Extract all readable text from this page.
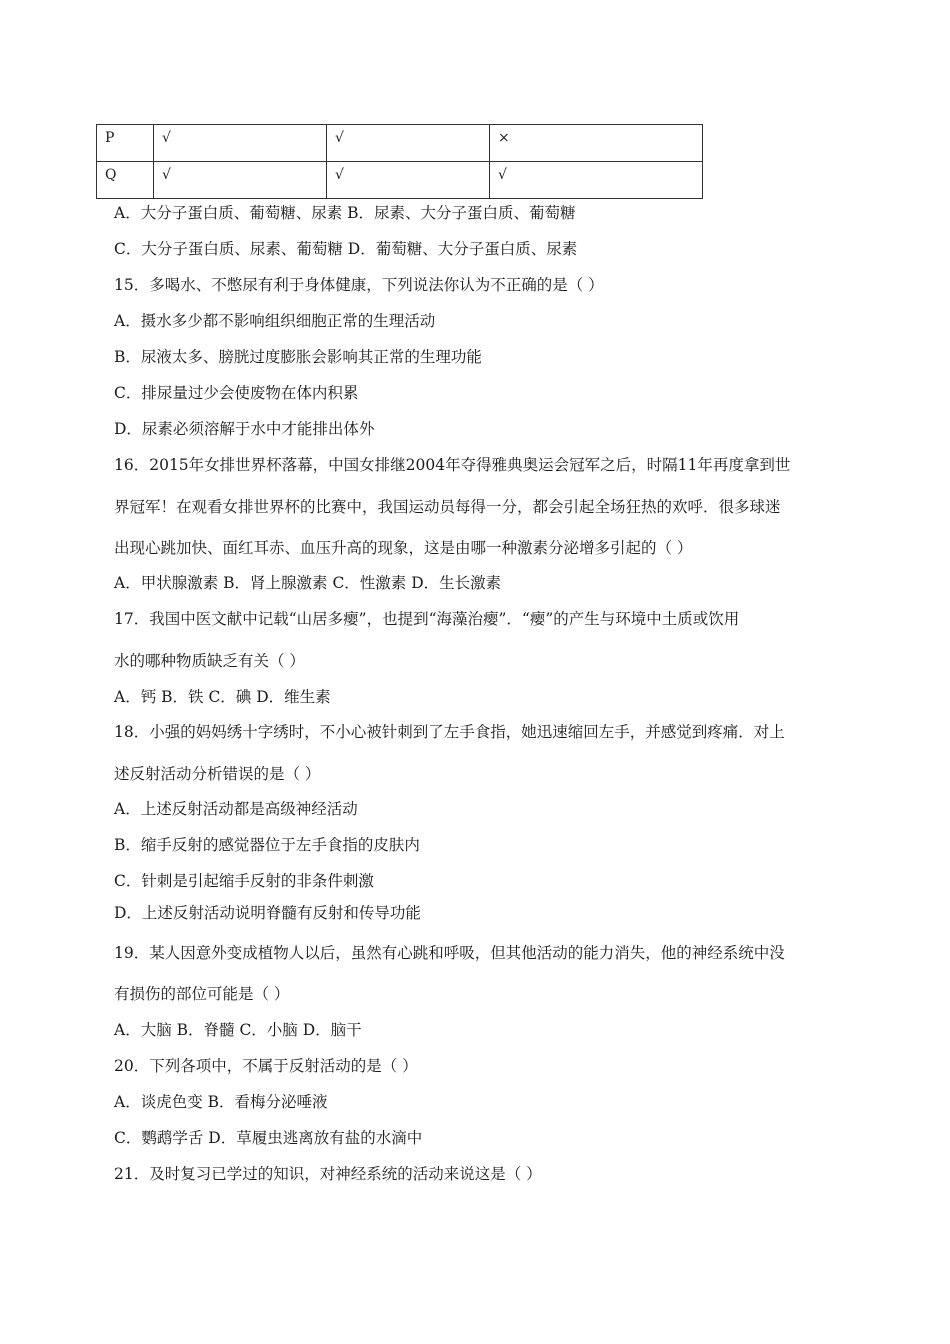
P	√	√	×
Q	√	√	√
A．大分子蛋白质、葡萄糖、尿素 B．尿素、大分子蛋白质、葡萄糖
C．大分子蛋白质、尿素、葡萄糖 D．葡萄糖、大分子蛋白质、尿素
15．多喝水、不憋尿有利于身体健康，下列说法你认为不正确的是（ ）
A．摄水多少都不影响组织细胞正常的生理活动
B．尿液太多、膀胱过度膨胀会影响其正常的生理功能
C．排尿量过少会使废物在体内积累
D．尿素必须溶解于水中才能排出体外
16．2015年女排世界杯落幕，中国女排继2004年夺得雅典奥运会冠军之后，时隔11年再度拿到世
界冠军！在观看女排世界杯的比赛中，我国运动员每得一分，都会引起全场狂热的欢呼．很多球迷
出现心跳加快、面红耳赤、血压升高的现象，这是由哪一种激素分泌增多引起的（ ）
A．甲状腺激素 B．肾上腺激素 C．性激素 D．生长激素
17．我国中医文献中记载“山居多瘿”，也提到“海藻治瘿”．“瘿”的产生与环境中土质或饮用
水的哪种物质缺乏有关（ ）
A．钙 B．铁 C．碘 D．维生素
18．小强的妈妈绣十字绣时，不小心被针刺到了左手食指，她迅速缩回左手，并感觉到疼痛．对上
述反射活动分析错误的是（ ）
A．上述反射活动都是高级神经活动
B．缩手反射的感觉器位于左手食指的皮肤内
C．针刺是引起缩手反射的非条件刺激
D．上述反射活动说明脊髓有反射和传导功能
19．某人因意外变成植物人以后，虽然有心跳和呼吸，但其他活动的能力消失，他的神经系统中没
有损伤的部位可能是（ ）
A．大脑 B．脊髓 C．小脑 D．脑干
20．下列各项中，不属于反射活动的是（ ）
A．谈虎色变 B．看梅分泌唾液
C．鹦鹉学舌 D．草履虫逃离放有盐的水滴中
21．及时复习已学过的知识，对神经系统的活动来说这是（ ）
